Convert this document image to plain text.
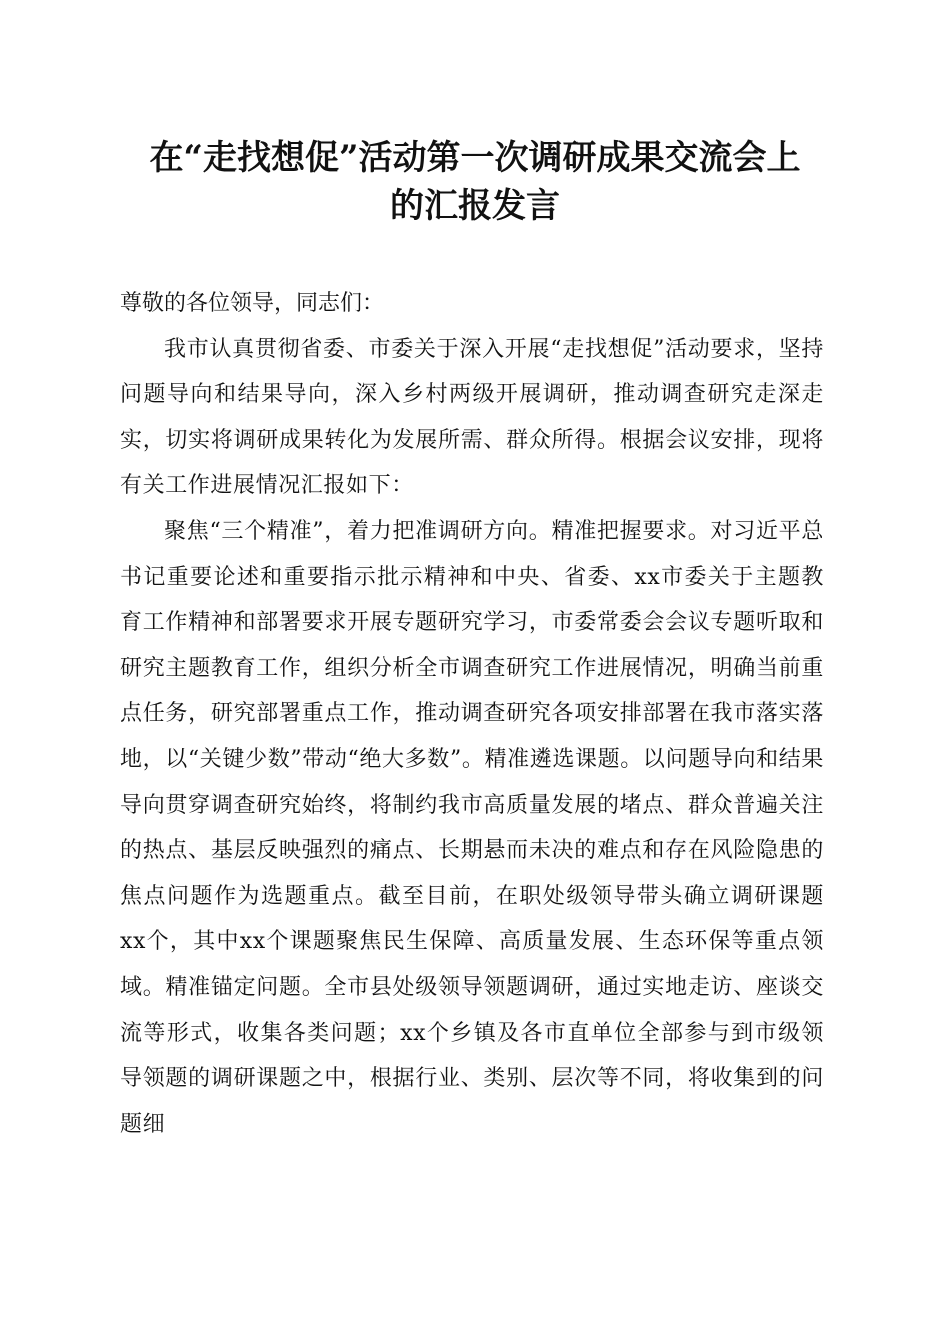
在“走找想促”活动第一次调研成果交流会上
的汇报发言

尊敬的各位领导，同志们：

我市认真贯彻省委、市委关于深入开展“走找想促”活动要求，坚持问题导向和结果导向，深入乡村两级开展调研，推动调查研究走深走实，切实将调研成果转化为发展所需、群众所得。根据会议安排，现将有关工作进展情况汇报如下：

聚焦“三个精准”，着力把准调研方向。精准把握要求。对习近平总书记重要论述和重要指示批示精神和中央、省委、xx市委关于主题教育工作精神和部署要求开展专题研究学习，市委常委会会议专题听取和研究主题教育工作，组织分析全市调查研究工作进展情况，明确当前重点任务，研究部署重点工作，推动调查研究各项安排部署在我市落实落地，以“关键少数”带动“绝大多数”。精准遴选课题。以问题导向和结果导向贯穿调查研究始终，将制约我市高质量发展的堵点、群众普遍关注的热点、基层反映强烈的痛点、长期悬而未决的难点和存在风险隐患的焦点问题作为选题重点。截至目前，在职处级领导带头确立调研课题xx个，其中xx个课题聚焦民生保障、高质量发展、生态环保等重点领域。精准锚定问题。全市县处级领导领题调研，通过实地走访、座谈交流等形式，收集各类问题；xx个乡镇及各市直单位全部参与到市级领导领题的调研课题之中，根据行业、类别、层次等不同，将收集到的问题细
